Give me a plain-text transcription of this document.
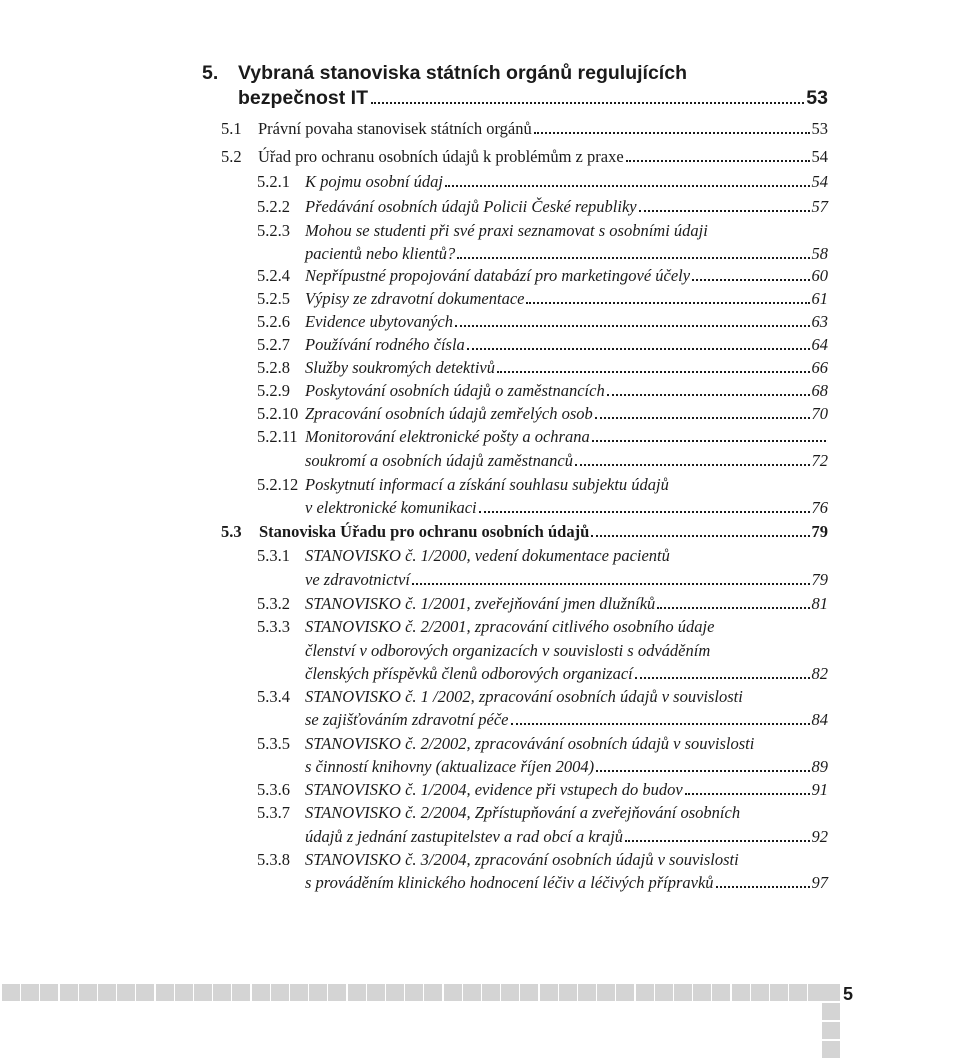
5. Vybraná stanoviska státních orgánů regulujících
bezpečnost IT	53
5.1 Právní povaha stanovisek státních orgánů	53
5.2 Úřad pro ochranu osobních údajů k problémům z praxe	54
5.2.1 K pojmu osobní údaj	54
5.2.2 Předávání osobních údajů Policii České republiky	57
5.2.3 Mohou se studenti při své praxi seznamovat s osobními údaji
pacientů nebo klientů?	58
5.2.4 Nepřípustné propojování databází pro marketingové účely	60
5.2.5 Výpisy ze zdravotní dokumentace	61
5.2.6 Evidence ubytovaných	63
5.2.7 Používání rodného čísla	64
5.2.8 Služby soukromých detektivů	66
5.2.9 Poskytování osobních údajů o zaměstnancích	68
5.2.10 Zpracování osobních údajů zemřelých osob	70
5.2.11 Monitorování elektronické pošty a ochrana
soukromí a osobních údajů zaměstnanců	72
5.2.12 Poskytnutí informací a získání souhlasu subjektu údajů
v elektronické komunikaci	76
5.3 Stanoviska Úřadu pro ochranu osobních údajů	79
5.3.1 STANOVISKO č. 1/2000, vedení dokumentace pacientů
ve zdravotnictví	79
5.3.2 STANOVISKO č. 1/2001, zveřejňování jmen dlužníků	81
5.3.3 STANOVISKO č. 2/2001, zpracování citlivého osobního údaje
členství v odborových organizacích v souvislosti s odváděním
členských příspěvků členů odborových organizací	82
5.3.4 STANOVISKO č. 1 /2002, zpracování osobních údajů v souvislosti
se zajišťováním zdravotní péče	84
5.3.5 STANOVISKO č. 2/2002, zpracovávání osobních údajů v souvislosti
s činností knihovny (aktualizace říjen 2004)	89
5.3.6 STANOVISKO č. 1/2004, evidence při vstupech do budov	91
5.3.7 STANOVISKO č. 2/2004, Zpřístupňování a zveřejňování osobních
údajů z jednání zastupitelstev a rad obcí a krajů	92
5.3.8 STANOVISKO č. 3/2004, zpracování osobních údajů v souvislosti
s prováděním klinického hodnocení léčiv a léčivých přípravků	97
5
